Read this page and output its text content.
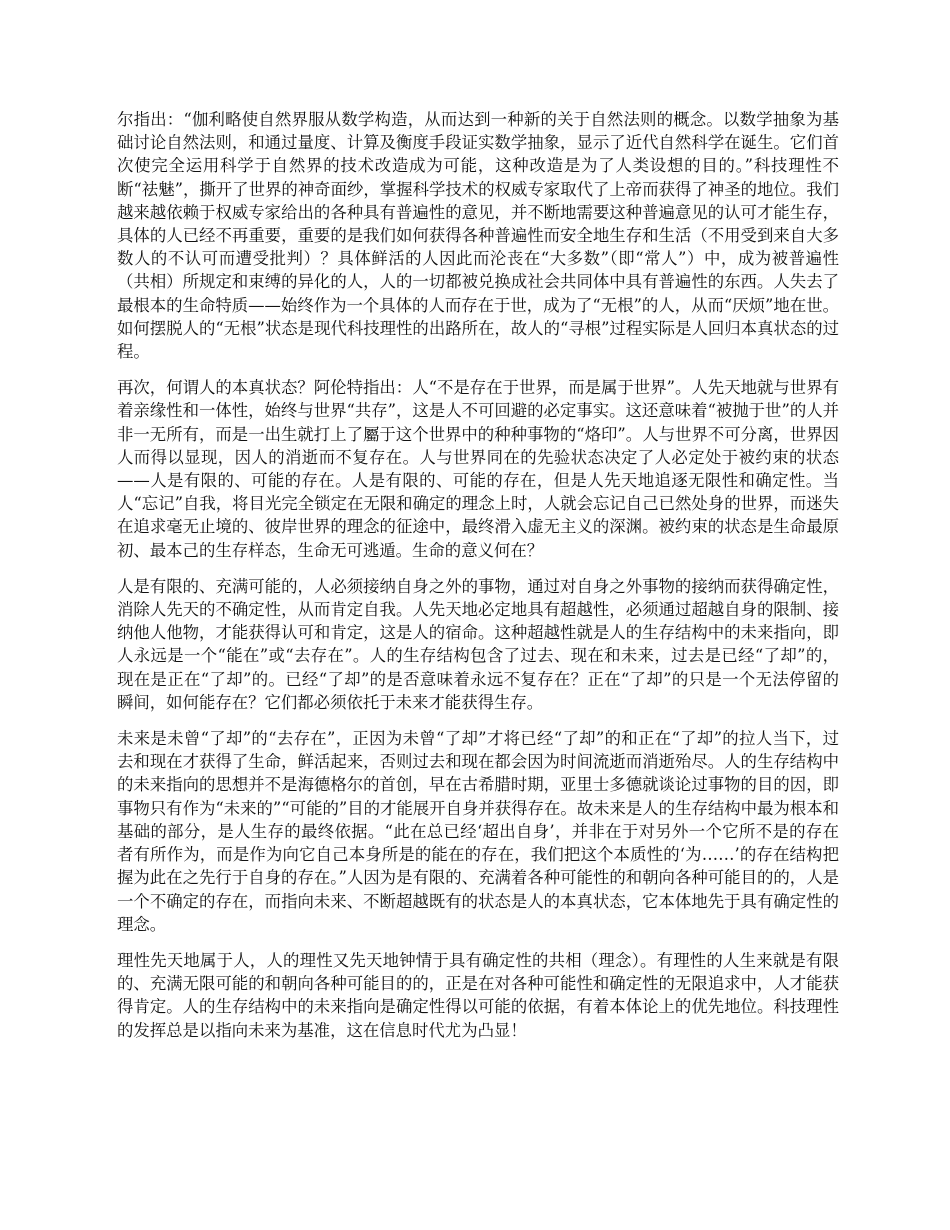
尔指出：“伽利略使自然界服从数学构造，从而达到一种新的关于自然法则的概念。以数学抽象为基础讨论自然法则，和通过量度、计算及衡度手段证实数学抽象，显示了近代自然科学在诞生。它们首次使完全运用科学于自然界的技术改造成为可能，这种改造是为了人类设想的目的。”科技理性不断“祛魅”，撕开了世界的神奇面纱，掌握科学技术的权威专家取代了上帝而获得了神圣的地位。我们越来越依赖于权威专家给出的各种具有普遍性的意见，并不断地需要这种普遍意见的认可才能生存，具体的人已经不再重要，重要的是我们如何获得各种普遍性而安全地生存和生活（不用受到来自大多数人的不认可而遭受批判）？具体鲜活的人因此而沦丧在“大多数”（即“常人”）中，成为被普遍性（共相）所规定和束缚的异化的人，人的一切都被兑换成社会共同体中具有普遍性的东西。人失去了最根本的生命特质——始终作为一个具体的人而存在于世，成为了“无根”的人，从而“厌烦”地在世。如何摆脱人的“无根”状态是现代科技理性的出路所在，故人的“寻根”过程实际是人回归本真状态的过程。

再次，何谓人的本真状态？阿伦特指出：人“不是存在于世界，而是属于世界”。人先天地就与世界有着亲缘性和一体性，始终与世界“共存”，这是人不可回避的必定事实。这还意味着“被抛于世”的人并非一无所有，而是一出生就打上了屬于这个世界中的种种事物的“烙印”。人与世界不可分离，世界因人而得以显现，因人的消逝而不复存在。人与世界同在的先验状态决定了人必定处于被约束的状态——人是有限的、可能的存在。人是有限的、可能的存在，但是人先天地追逐无限性和确定性。当人“忘记”自我，将目光完全锁定在无限和确定的理念上时，人就会忘记自己已然处身的世界，而迷失在追求毫无止境的、彼岸世界的理念的征途中，最终滑入虚无主义的深渊。被约束的状态是生命最原初、最本己的生存样态，生命无可逃遁。生命的意义何在？

人是有限的、充满可能的，人必须接纳自身之外的事物，通过对自身之外事物的接纳而获得确定性，消除人先天的不确定性，从而肯定自我。人先天地必定地具有超越性，必须通过超越自身的限制、接纳他人他物，才能获得认可和肯定，这是人的宿命。这种超越性就是人的生存结构中的未来指向，即人永远是一个“能在”或“去存在”。人的生存结构包含了过去、现在和未来，过去是已经“了却”的，现在是正在“了却”的。已经“了却”的是否意味着永远不复存在？正在“了却”的只是一个无法停留的瞬间，如何能存在？它们都必须依托于未来才能获得生存。

未来是未曾“了却”的“去存在”，正因为未曾“了却”才将已经“了却”的和正在“了却”的拉人当下，过去和现在才获得了生命，鲜活起来，否则过去和现在都会因为时间流逝而消逝殆尽。人的生存结构中的未来指向的思想并不是海德格尔的首创，早在古希腊时期，亚里士多德就谈论过事物的目的因，即事物只有作为“未来的”“可能的”目的才能展开自身并获得存在。故未来是人的生存结构中最为根本和基础的部分，是人生存的最终依据。“此在总已经‘超出自身’，并非在于对另外一个它所不是的存在者有所作为，而是作为向它自己本身所是的能在的存在，我们把这个本质性的‘为……’的存在结构把握为此在之先行于自身的存在。”人因为是有限的、充满着各种可能性的和朝向各种可能目的的，人是一个不确定的存在，而指向未来、不断超越既有的状态是人的本真状态，它本体地先于具有确定性的理念。

理性先天地属于人，人的理性又先天地钟情于具有确定性的共相（理念）。有理性的人生来就是有限的、充满无限可能的和朝向各种可能目的的，正是在对各种可能性和确定性的无限追求中，人才能获得肯定。人的生存结构中的未来指向是确定性得以可能的依据，有着本体论上的优先地位。科技理性的发挥总是以指向未来为基准，这在信息时代尤为凸显！
